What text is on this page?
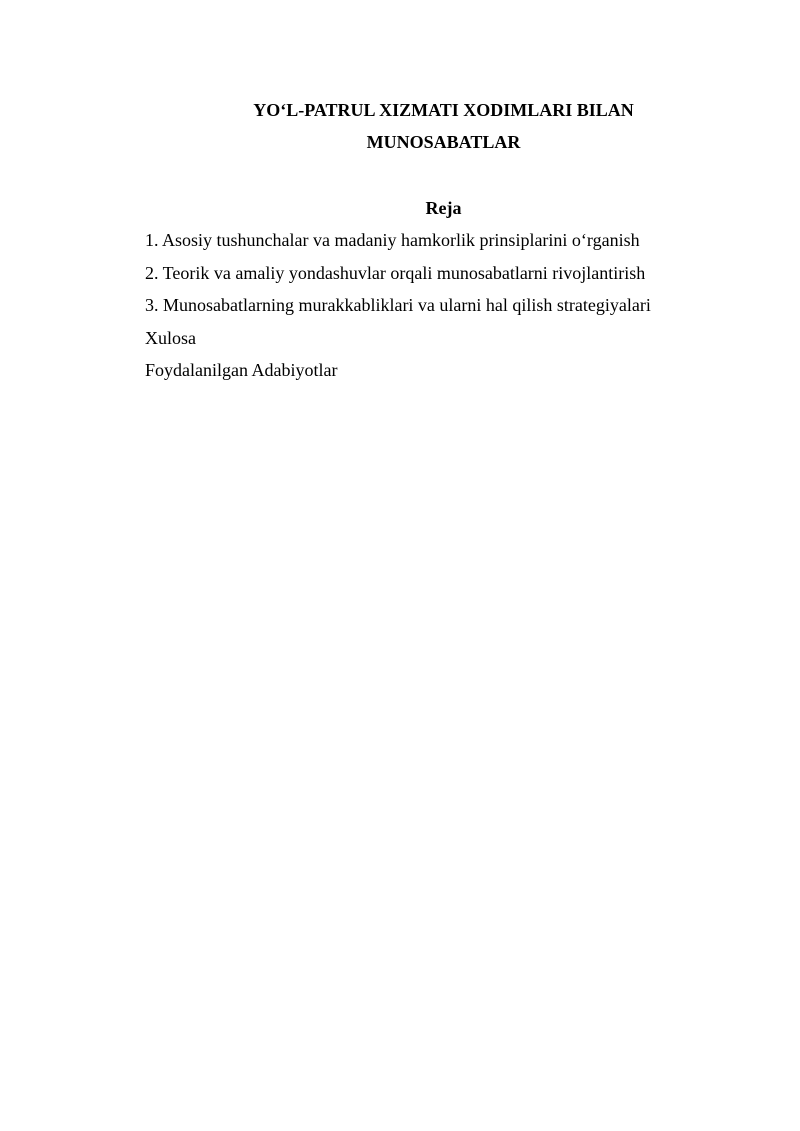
YO‘L-PATRUL XIZMATI XODIMLARI BILAN
MUNOSABATLAR
Reja
1. Asosiy tushunchalar va madaniy hamkorlik prinsiplarini o‘rganish
2. Teorik va amaliy yondashuvlar orqali munosabatlarni rivojlantirish
3. Munosabatlarning murakkabliklari va ularni hal qilish strategiyalari
Xulosa
Foydalanilgan Adabiyotlar
